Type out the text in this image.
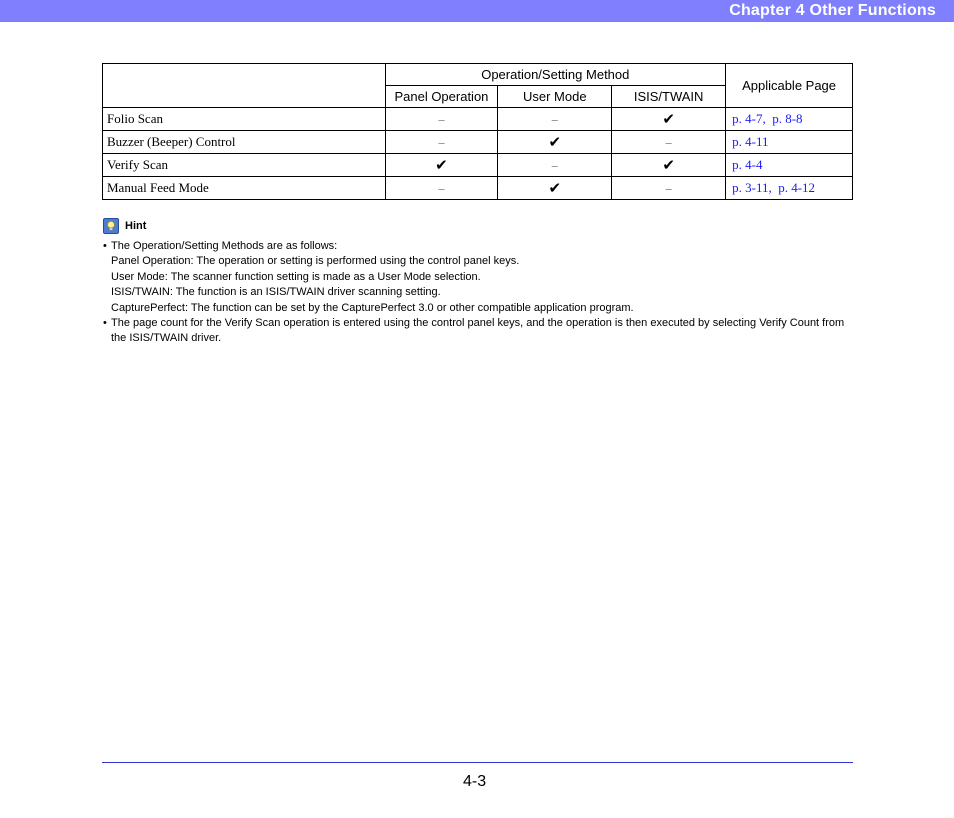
Chapter 4 Other Functions
	Operation/Setting Method			Applicable Page
	Panel Operation	User Mode	ISIS/TWAIN	
Folio Scan	–	–	✔	p. 4-7,  p. 8-8
Buzzer (Beeper) Control	–	✔	–	p. 4-11
Verify Scan	✔	–	✔	p. 4-4
Manual Feed Mode	–	✔	–	p. 3-11,  p. 4-12
Hint
• The Operation/Setting Methods are as follows:
Panel Operation: The operation or setting is performed using the control panel keys.
User Mode: The scanner function setting is made as a User Mode selection.
ISIS/TWAIN: The function is an ISIS/TWAIN driver scanning setting.
CapturePerfect: The function can be set by the CapturePerfect 3.0 or other compatible application program.
• The page count for the Verify Scan operation is entered using the control panel keys, and the operation is then executed by selecting Verify Count from the ISIS/TWAIN driver.
4-3
